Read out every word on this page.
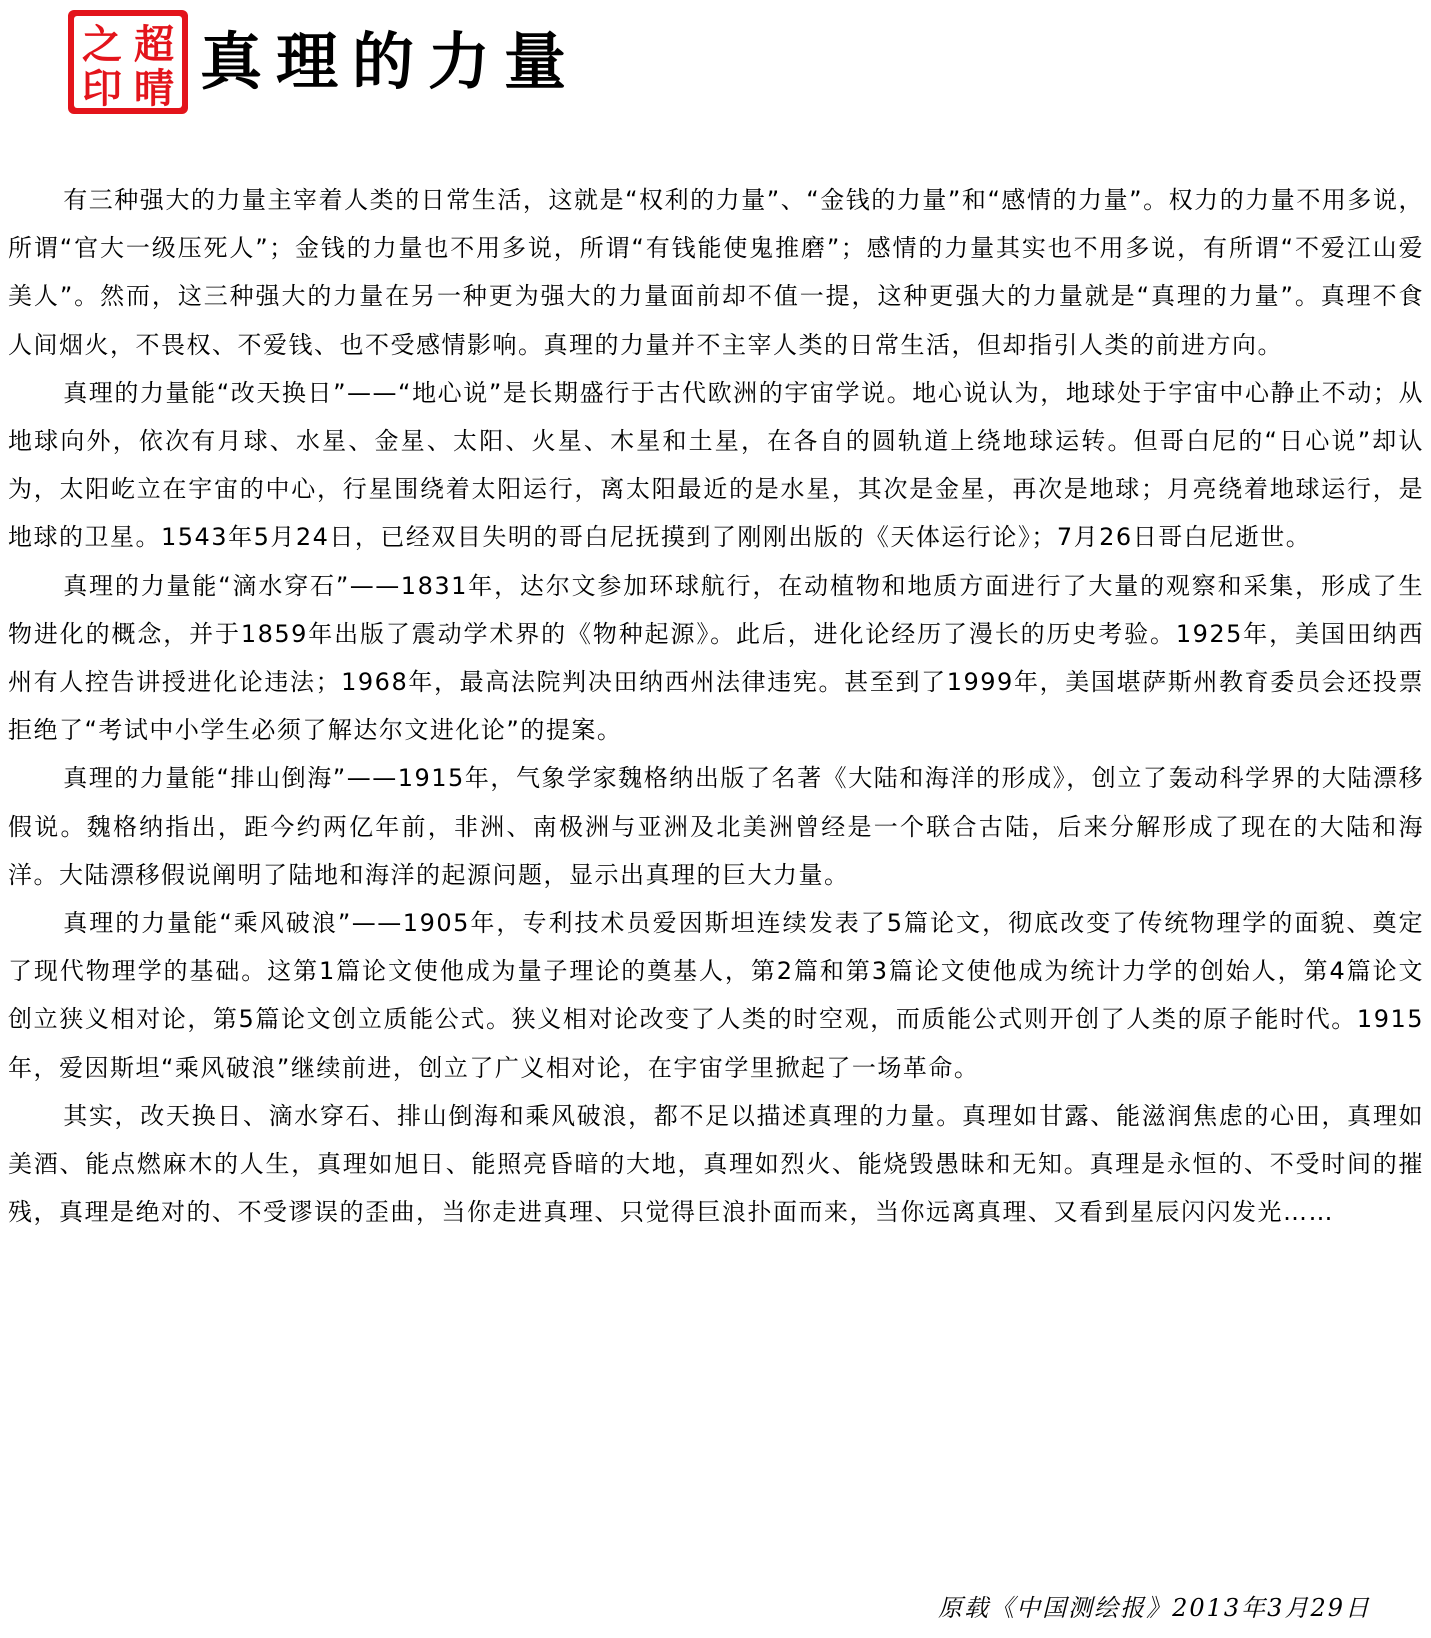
超
晴
之
印 真理的力量

有三种强大的力量主宰着人类的日常生活，这就是“权利的力量”、“金钱的力量”和“感情的力量”。权力的力量不用多说，所谓“官大一级压死人”；金钱的力量也不用多说，所谓“有钱能使鬼推磨”；感情的力量其实也不用多说，有所谓“不爱江山爱美人”。然而，这三种强大的力量在另一种更为强大的力量面前却不值一提，这种更强大的力量就是“真理的力量”。真理不食人间烟火，不畏权、不爱钱、也不受感情影响。真理的力量并不主宰人类的日常生活，但却指引人类的前进方向。

真理的力量能“改天换日”——“地心说”是长期盛行于古代欧洲的宇宙学说。地心说认为，地球处于宇宙中心静止不动；从地球向外，依次有月球、水星、金星、太阳、火星、木星和土星，在各自的圆轨道上绕地球运转。但哥白尼的“日心说”却认为，太阳屹立在宇宙的中心，行星围绕着太阳运行，离太阳最近的是水星，其次是金星，再次是地球；月亮绕着地球运行，是地球的卫星。1543年5月24日，已经双目失明的哥白尼抚摸到了刚刚出版的《天体运行论》；7月26日哥白尼逝世。

真理的力量能“滴水穿石”——1831年，达尔文参加环球航行，在动植物和地质方面进行了大量的观察和采集，形成了生物进化的概念，并于1859年出版了震动学术界的《物种起源》。此后，进化论经历了漫长的历史考验。1925年，美国田纳西州有人控告讲授进化论违法；1968年，最高法院判决田纳西州法律违宪。甚至到了1999年，美国堪萨斯州教育委员会还投票拒绝了“考试中小学生必须了解达尔文进化论”的提案。

真理的力量能“排山倒海”——1915年，气象学家魏格纳出版了名著《大陆和海洋的形成》，创立了轰动科学界的大陆漂移假说。魏格纳指出，距今约两亿年前，非洲、南极洲与亚洲及北美洲曾经是一个联合古陆，后来分解形成了现在的大陆和海洋。大陆漂移假说阐明了陆地和海洋的起源问题，显示出真理的巨大力量。

真理的力量能“乘风破浪”——1905年，专利技术员爱因斯坦连续发表了5篇论文，彻底改变了传统物理学的面貌、奠定了现代物理学的基础。这第1篇论文使他成为量子理论的奠基人，第2篇和第3篇论文使他成为统计力学的创始人，第4篇论文创立狭义相对论，第5篇论文创立质能公式。狭义相对论改变了人类的时空观，而质能公式则开创了人类的原子能时代。1915年，爱因斯坦“乘风破浪”继续前进，创立了广义相对论，在宇宙学里掀起了一场革命。

其实，改天换日、滴水穿石、排山倒海和乘风破浪，都不足以描述真理的力量。真理如甘露、能滋润焦虑的心田，真理如美酒、能点燃麻木的人生，真理如旭日、能照亮昏暗的大地，真理如烈火、能烧毁愚昧和无知。真理是永恒的、不受时间的摧残，真理是绝对的、不受谬误的歪曲，当你走进真理、只觉得巨浪扑面而来，当你远离真理、又看到星辰闪闪发光……

原载《中国测绘报》2013年3月29日
